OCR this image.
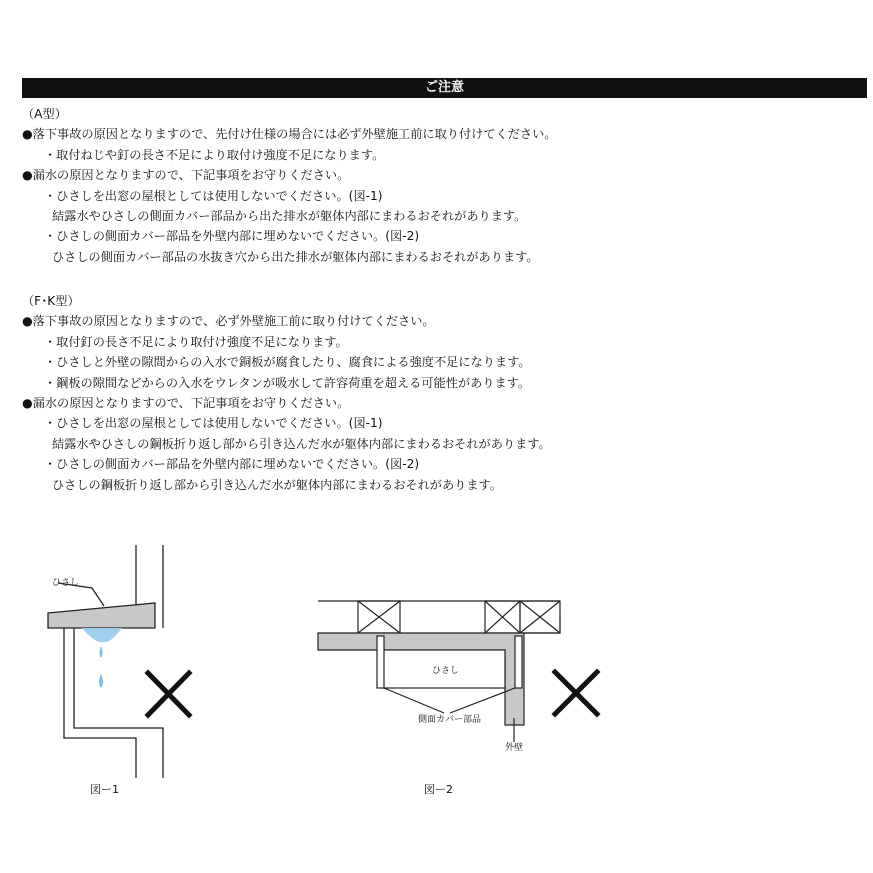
ご注意
（A型）
●落下事故の原因となりますので、先付け仕様の場合には必ず外壁施工前に取り付けてください。
・取付ねじや釘の長さ不足により取付け強度不足になります。
●漏水の原因となりますので、下記事項をお守りください。
・ひさしを出窓の屋根としては使用しないでください。(図-1)
結露水やひさしの側面カバー部品から出た排水が躯体内部にまわるおそれがあります。
・ひさしの側面カバー部品を外壁内部に埋めないでください。(図-2)
ひさしの側面カバー部品の水抜き穴から出た排水が躯体内部にまわるおそれがあります。
（F･K型）
●落下事故の原因となりますので、必ず外壁施工前に取り付けてください。
・取付釘の長さ不足により取付け強度不足になります。
・ひさしと外壁の隙間からの入水で銅板が腐食したり、腐食による強度不足になります。
・鋼板の隙間などからの入水をウレタンが吸水して許容荷重を超える可能性があります。
●漏水の原因となりますので、下記事項をお守りください。
・ひさしを出窓の屋根としては使用しないでください。(図-1)
結露水やひさしの鋼板折り返し部から引き込んだ水が躯体内部にまわるおそれがあります。
・ひさしの側面カバー部品を外壁内部に埋めないでください。(図-2)
ひさしの鋼板折り返し部から引き込んだ水が躯体内部にまわるおそれがあります。
ひさし
図ー1
ひさし
側面カバー部品
外壁
図ー2
